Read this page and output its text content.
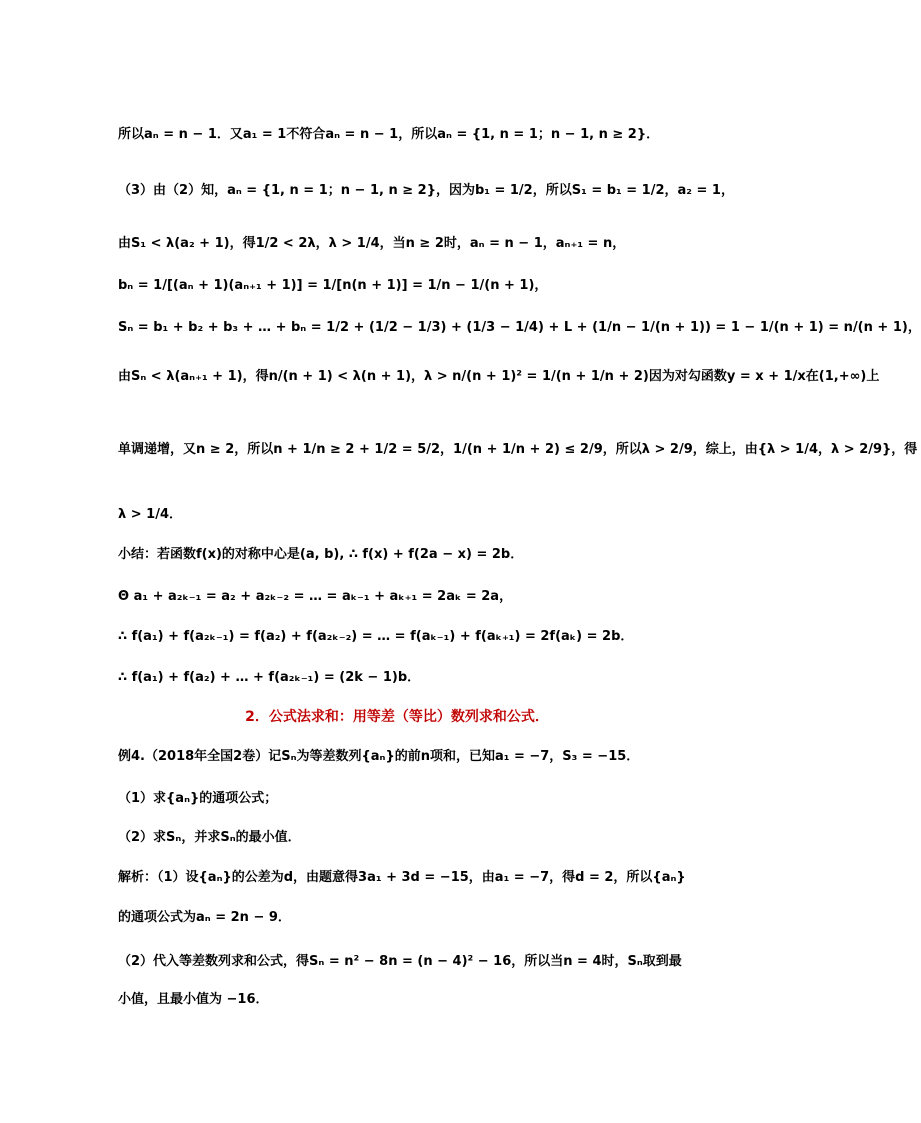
所以aₙ = n − 1．又a₁ = 1不符合aₙ = n − 1，所以aₙ = {1, n = 1；n − 1, n ≥ 2}．
（3）由（2）知，aₙ = {1, n = 1；n − 1, n ≥ 2}，因为b₁ = 1/2，所以S₁ = b₁ = 1/2，a₂ = 1，
由S₁ < λ(a₂ + 1)，得1/2 < 2λ，λ > 1/4，当n ≥ 2时，aₙ = n − 1，aₙ₊₁ = n，
bₙ = 1/[(aₙ + 1)(aₙ₊₁ + 1)] = 1/[n(n + 1)] = 1/n − 1/(n + 1)，
Sₙ = b₁ + b₂ + b₃ + … + bₙ = 1/2 + (1/2 − 1/3) + (1/3 − 1/4) + L + (1/n − 1/(n + 1)) = 1 − 1/(n + 1) = n/(n + 1)，
由Sₙ < λ(aₙ₊₁ + 1)，得n/(n + 1) < λ(n + 1)，λ > n/(n + 1)² = 1/(n + 1/n + 2)因为对勾函数y = x + 1/x在(1,+∞)上
单调递增，又n ≥ 2，所以n + 1/n ≥ 2 + 1/2 = 5/2，1/(n + 1/n + 2) ≤ 2/9，所以λ > 2/9，综上，由{λ > 1/4，λ > 2/9}，得
λ > 1/4．
小结：若函数f(x)的对称中心是(a, b), ∴ f(x) + f(2a − x) = 2b．
Θ a₁ + a₂ₖ₋₁ = a₂ + a₂ₖ₋₂ = … = aₖ₋₁ + aₖ₊₁ = 2aₖ = 2a，
∴ f(a₁) + f(a₂ₖ₋₁) = f(a₂) + f(a₂ₖ₋₂) = … = f(aₖ₋₁) + f(aₖ₊₁) = 2f(aₖ) = 2b．
∴ f(a₁) + f(a₂) + … + f(a₂ₖ₋₁) = (2k − 1)b．
2．公式法求和：用等差（等比）数列求和公式．
例4.（2018年全国2卷）记Sₙ为等差数列{aₙ}的前n项和，已知a₁ = −7，S₃ = −15．
（1）求{aₙ}的通项公式；
（2）求Sₙ，并求Sₙ的最小值．
解析：（1）设{aₙ}的公差为d，由题意得3a₁ + 3d = −15，由a₁ = −7，得d = 2，所以{aₙ}
的通项公式为aₙ = 2n − 9．
（2）代入等差数列求和公式，得Sₙ = n² − 8n = (n − 4)² − 16，所以当n = 4时，Sₙ取到最
小值，且最小值为 −16．
